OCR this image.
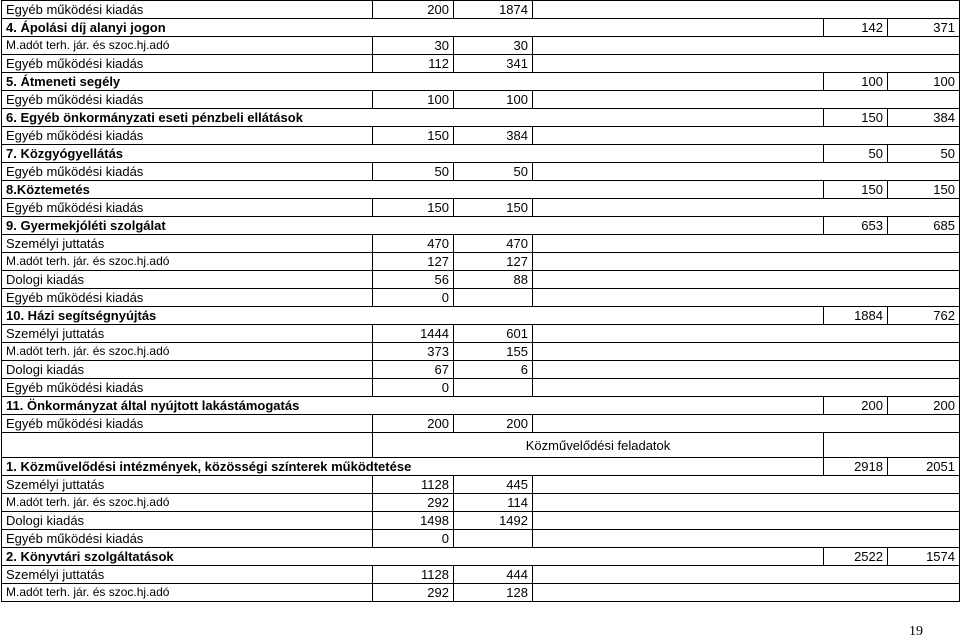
Egyéb működési kiadás	200	1874			
4. Ápolási díj alanyi jogon				142	371
M.adót terh. jár. és szoc.hj.adó	30	30			
Egyéb működési kiadás	112	341			
5. Átmeneti segély				100	100
Egyéb működési kiadás	100	100			
6. Egyéb önkormányzati eseti pénzbeli ellátások				150	384
Egyéb működési kiadás	150	384			
7. Közgyógyellátás				50	50
Egyéb működési kiadás	50	50			
8.Köztemetés				150	150
Egyéb működési kiadás	150	150			
9. Gyermekjóléti szolgálat				653	685
Személyi juttatás	470	470			
M.adót terh. jár. és szoc.hj.adó	127	127			
Dologi kiadás	56	88			
Egyéb működési kiadás	0				
10. Házi segítségnyújtás				1884	762
Személyi juttatás	1444	601			
M.adót terh. jár. és szoc.hj.adó	373	155			
Dologi kiadás	67	6			
Egyéb működési kiadás	0				
11. Önkormányzat által nyújtott lakástámogatás				200	200
Egyéb működési kiadás	200	200			
	Közművelődési feladatok				
1. Közművelődési intézmények, közösségi színterek működtetése				2918	2051
Személyi juttatás	1128	445			
M.adót terh. jár. és szoc.hj.adó	292	114			
Dologi kiadás	1498	1492			
Egyéb működési kiadás	0				
2. Könyvtári szolgáltatások				2522	1574
Személyi juttatás	1128	444			
M.adót terh. jár. és szoc.hj.adó	292	128			
19
